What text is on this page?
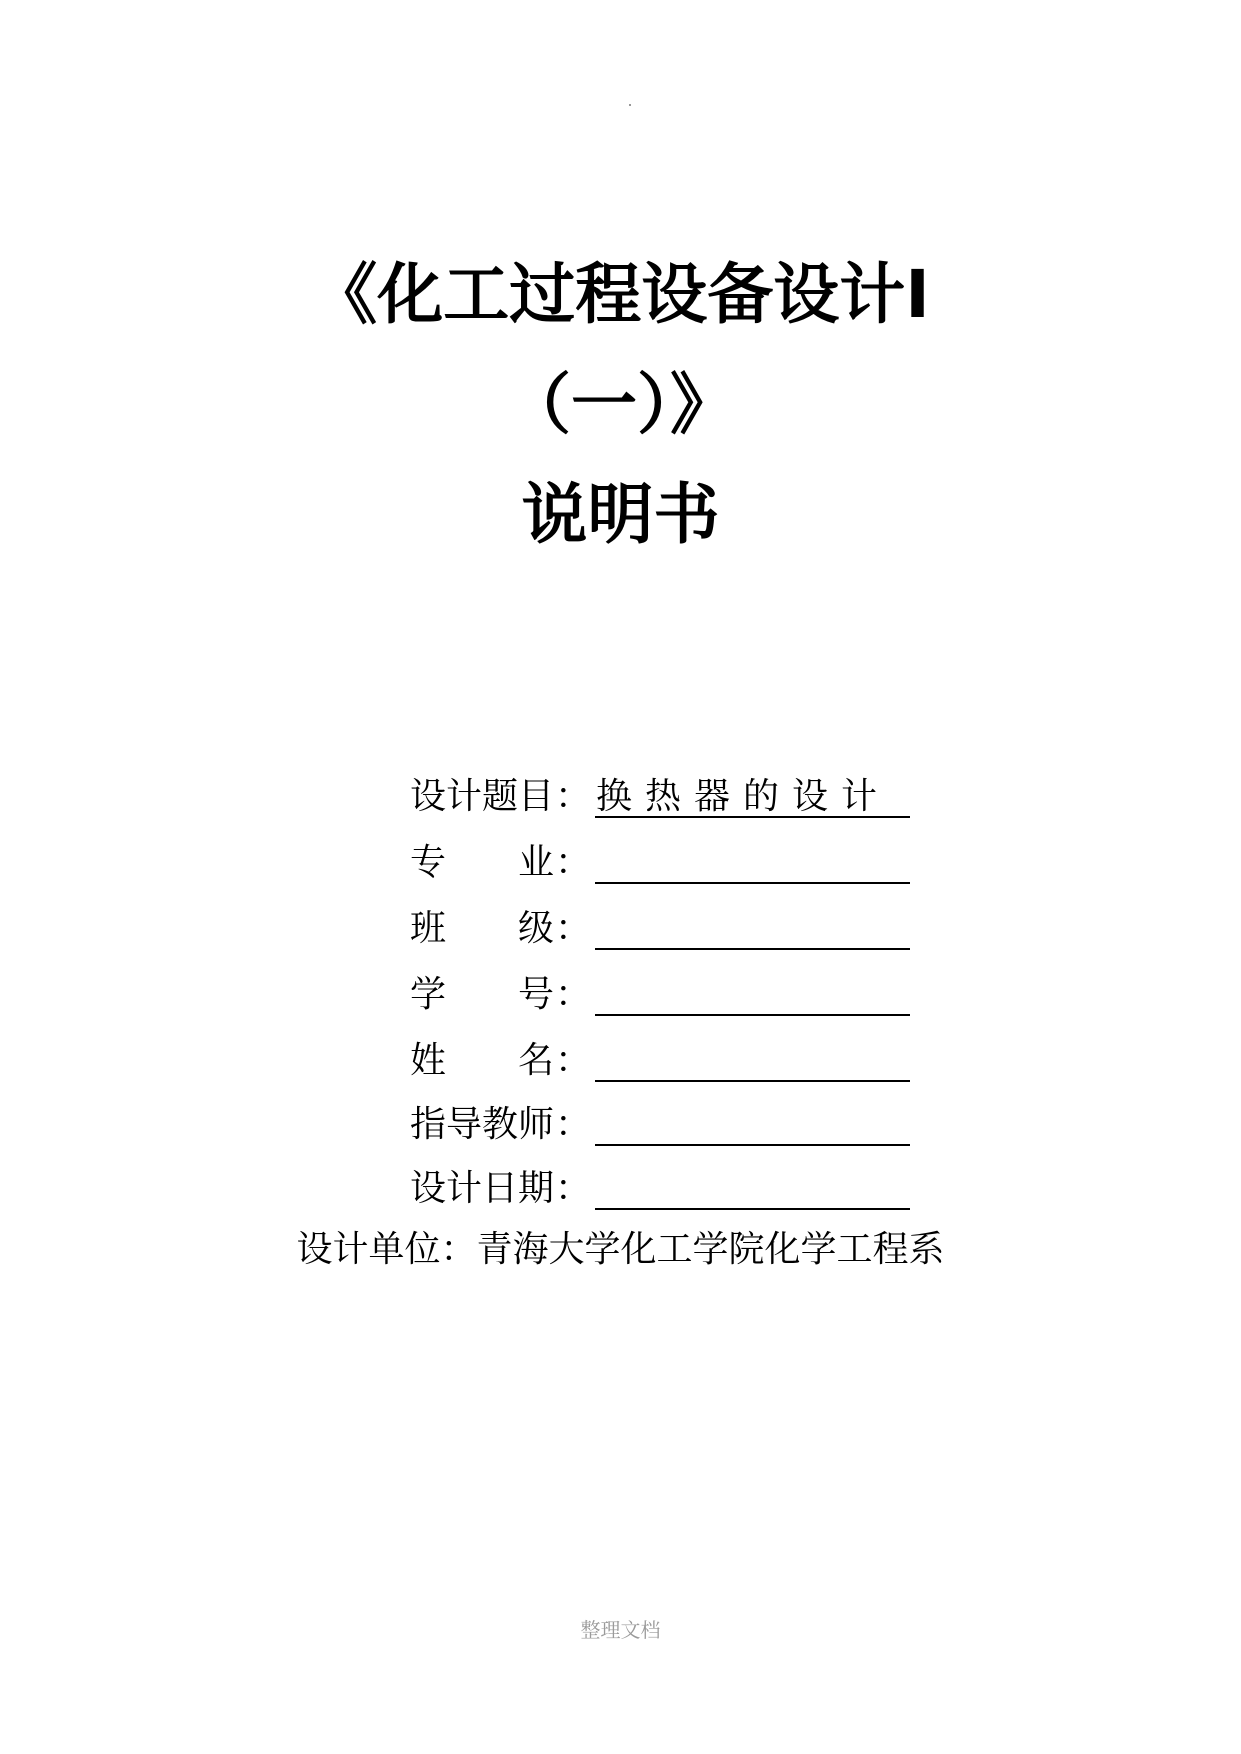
《化工过程设备设计Ⅰ
（一）》
说明书
设计题目 ： 换热器的设计
专　　业 ：
班　　级 ：
学　　号 ：
姓　　名 ：
指导教师 ：
设计日期 ：
设计单位：青海大学化工学院化学工程系
整理文档
